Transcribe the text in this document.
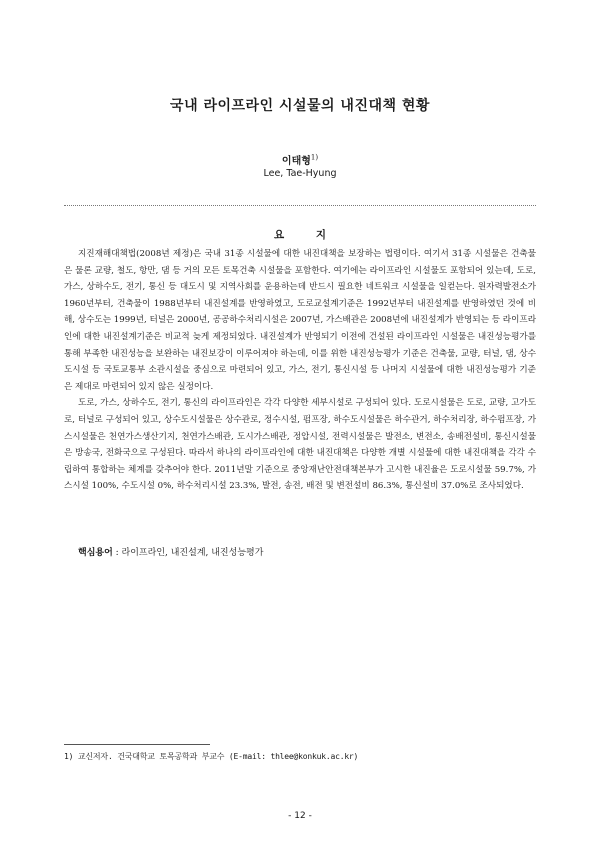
국내 라이프라인 시설물의 내진대책 현황
이태형$^{1)}$
Lee, Tae-Hyung
요 지

지진재해대책법(2008년 제정)은 국내 31종 시설물에 대한 내진대책을 보장하는 법령이다. 여기서 31종 시설물은 건축물은 물론 교량, 철도, 항만, 댐 등 거의 모든 토목건축 시설물을 포함한다. 여기에는 라이프라인 시설물도 포함되어 있는데, 도로, 가스, 상하수도, 전기, 통신 등 대도시 및 지역사회를 운용하는데 반드시 필요한 네트워크 시설물을 일컫는다. 원자력발전소가 1960년부터, 건축물이 1988년부터 내진설계를 반영하였고, 도로교설계기준은 1992년부터 내진설계를 반영하였던 것에 비해, 상수도는 1999년, 터널은 2000년, 공공하수처리시설은 2007년, 가스배관은 2008년에 내진설계가 반영되는 등 라이프라인에 대한 내진설계기준은 비교적 늦게 제정되었다. 내진설계가 반영되기 이전에 건설된 라이프라인 시설물은 내진성능평가를 통해 부족한 내진성능을 보완하는 내진보강이 이루어져야 하는데, 이를 위한 내진성능평가 기준은 건축물, 교량, 터널, 댐, 상수도시설 등 국토교통부 소관시설을 중심으로 마련되어 있고, 가스, 전기, 통신시설 등 나머지 시설물에 대한 내진성능평가 기준은 제대로 마련되어 있지 않은 실정이다.

도로, 가스, 상하수도, 전기, 통신의 라이프라인은 각각 다양한 세부시설로 구성되어 있다. 도로시설물은 도로, 교량, 고가도로, 터널로 구성되어 있고, 상수도시설물은 상수관로, 정수시설, 펌프장, 하수도시설물은 하수관거, 하수처리장, 하수펌프장, 가스시설물은 천연가스생산기지, 천연가스배관, 도시가스배관, 정압시설, 전력시설물은 발전소, 변전소, 송배전설비, 통신시설물은 방송국, 전화국으로 구성된다. 따라서 하나의 라이프라인에 대한 내진대책은 다양한 개별 시설물에 대한 내진대책을 각각 수립하여 통합하는 체계를 갖추어야 한다. 2011년말 기준으로 중앙재난안전대책본부가 고시한 내진율은 도로시설물 59.7%, 가스시설 100%, 수도시설 0%, 하수처리시설 23.3%, 발전, 송전, 배전 및 변전설비 86.3%, 통신설비 37.0%로 조사되었다.

핵심용어 : 라이프라인, 내진설계, 내진성능평가
1) 교신저자. 건국대학교 토목공학과 부교수 (E-mail: thlee@konkuk.ac.kr)
- 12 -
